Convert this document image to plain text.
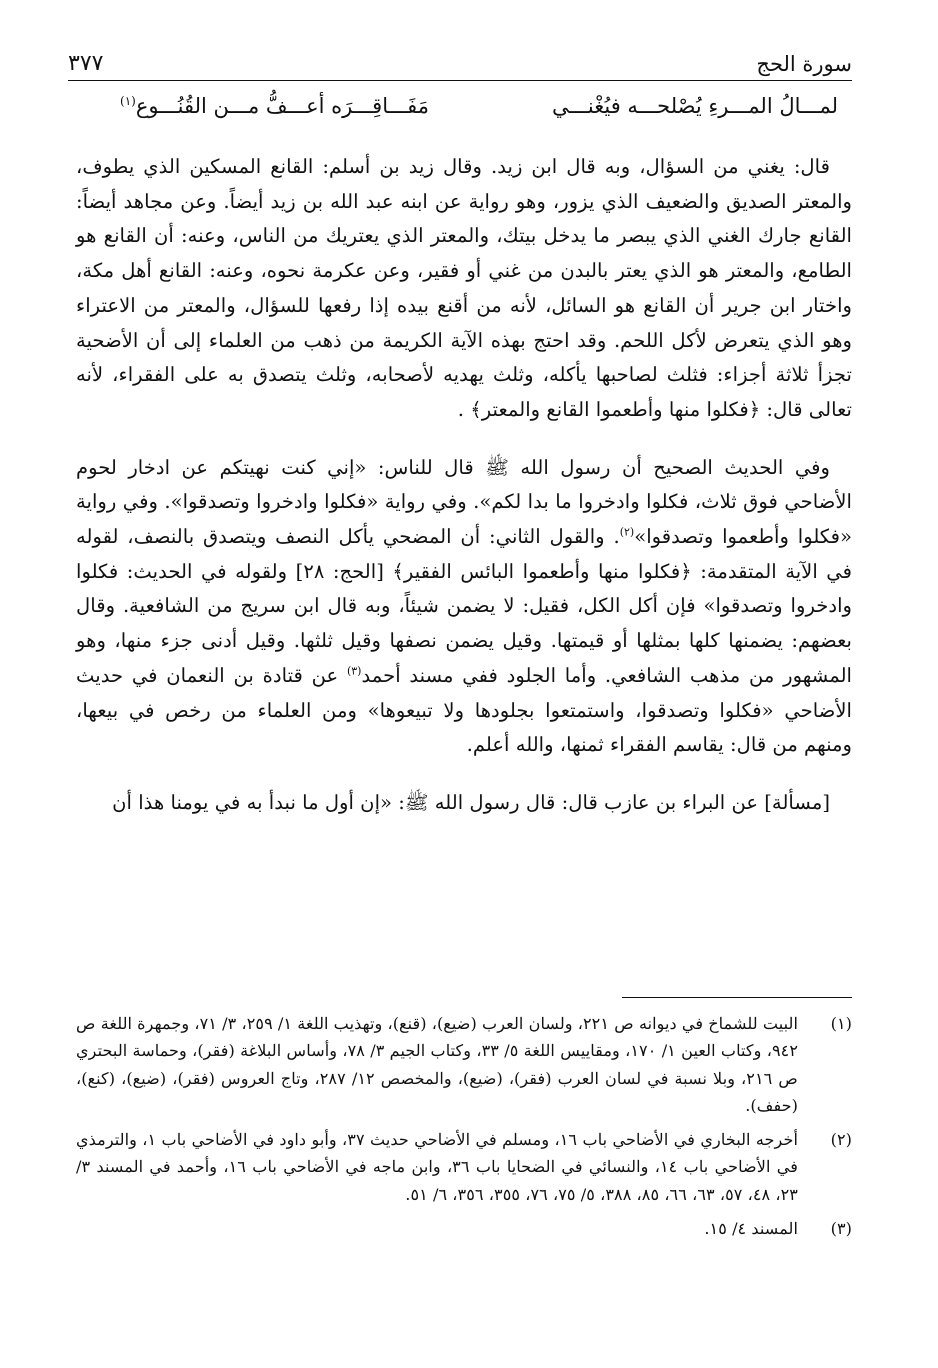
سورة الحج
٣٧٧
لمـــالُ المـــرءِ يُصْلحـــه فيُغْنـــي
مَفَـــاقِـــرَه أعـــفُّ مـــن القُنُـــوع$^{(١)}$

قال: يغني من السؤال، وبه قال ابن زيد. وقال زيد بن أسلم: القانع المسكين الذي يطوف، والمعتر الصديق والضعيف الذي يزور، وهو رواية عن ابنه عبد الله بن زيد أيضاً. وعن مجاهد أيضاً: القانع جارك الغني الذي يبصر ما يدخل بيتك، والمعتر الذي يعتريك من الناس، وعنه: أن القانع هو الطامع، والمعتر هو الذي يعتر بالبدن من غني أو فقير، وعن عكرمة نحوه، وعنه: القانع أهل مكة، واختار ابن جرير أن القانع هو السائل، لأنه من أقنع بيده إذا رفعها للسؤال، والمعتر من الاعتراء وهو الذي يتعرض لأكل اللحم. وقد احتج بهذه الآية الكريمة من ذهب من العلماء إلى أن الأضحية تجزأ ثلاثة أجزاء: فثلث لصاحبها يأكله، وثلث يهديه لأصحابه، وثلث يتصدق به على الفقراء، لأنه تعالى قال: ﴿فكلوا منها وأطعموا القانع والمعتر﴾ .

وفي الحديث الصحيح أن رسول الله ﷺ قال للناس: «إني كنت نهيتكم عن ادخار لحوم الأضاحي فوق ثلاث، فكلوا وادخروا ما بدا لكم». وفي رواية «فكلوا وادخروا وتصدقوا». وفي رواية «فكلوا وأطعموا وتصدقوا»$^{(٢)}$. والقول الثاني: أن المضحي يأكل النصف ويتصدق بالنصف، لقوله في الآية المتقدمة: ﴿فكلوا منها وأطعموا البائس الفقير﴾ [الحج: ٢٨] ولقوله في الحديث: فكلوا وادخروا وتصدقوا» فإن أكل الكل، فقيل: لا يضمن شيئاً، وبه قال ابن سريج من الشافعية. وقال بعضهم: يضمنها كلها بمثلها أو قيمتها. وقيل يضمن نصفها وقيل ثلثها. وقيل أدنى جزء منها، وهو المشهور من مذهب الشافعي. وأما الجلود ففي مسند أحمد$^{(٣)}$ عن قتادة بن النعمان في حديث الأضاحي «فكلوا وتصدقوا، واستمتعوا بجلودها ولا تبيعوها» ومن العلماء من رخص في بيعها، ومنهم من قال: يقاسم الفقراء ثمنها، والله أعلم.

[مسألة] عن البراء بن عازب قال: قال رسول الله ﷺ: «إن أول ما نبدأ به في يومنا هذا أن

(١)
البيت للشماخ في ديوانه ص ٢٢١، ولسان العرب (ضيع)، (قنع)، وتهذيب اللغة ١/ ٢٥٩، ٣/ ٧١، وجمهرة اللغة ص ٩٤٢، وكتاب العين ١/ ١٧٠، ومقاييس اللغة ٥/ ٣٣، وكتاب الجيم ٣/ ٧٨، وأساس البلاغة (فقر)، وحماسة البحتري ص ٢١٦، وبلا نسبة في لسان العرب (فقر)، (ضيع)، والمخصص ١٢/ ٢٨٧، وتاج العروس (فقر)، (ضيع)، (كنع)، (حفف).
(٢)
أخرجه البخاري في الأضاحي باب ١٦، ومسلم في الأضاحي حديث ٣٧، وأبو داود في الأضاحي باب ١، والترمذي في الأضاحي باب ١٤، والنسائي في الضحايا باب ٣٦، وابن ماجه في الأضاحي باب ١٦، وأحمد في المسند ٣/ ٢٣، ٤٨، ٥٧، ٦٣، ٦٦، ٨٥، ٣٨٨، ٥/ ٧٥، ٧٦، ٣٥٥، ٣٥٦، ٦/ ٥١.
(٣)
المسند ٤/ ١٥.
